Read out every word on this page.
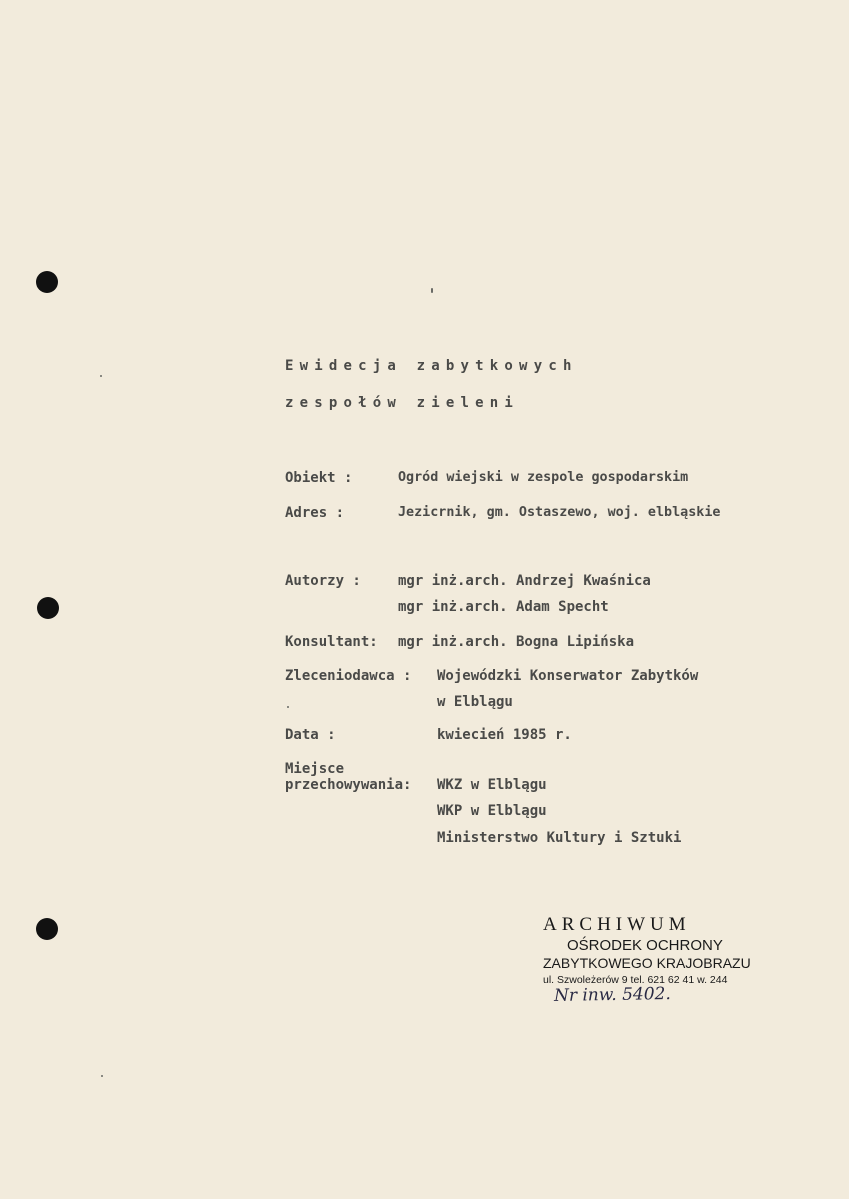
Ewidecja zabytkowych
zespołów zieleni
Obiekt :	Ogród wiejski w zespole gospodarskim
Adres :	Jezicrnik, gm. Ostaszewo, woj. elbląskie
Autorzy :	mgr inż.arch. Andrzej Kwaśnica
mgr inż.arch. Adam Specht
Konsultant: mgr inż.arch. Bogna Lipińska
Zleceniodawca : Wojewódzki Konserwator Zabytków
w Elblągu
Data :	kwiecień 1985 r.
Miejsce
przechowywania: WKZ w Elblągu
WKP w Elblągu
Ministerstwo Kultury i Sztuki
ARCHIWUM
OŚRODEK OCHRONY
ZABYTKOWEGO KRAJOBRAZU
ul. Szwoleżerów 9 tel. 621 62 41 w. 244
Nr inw. 5402.
